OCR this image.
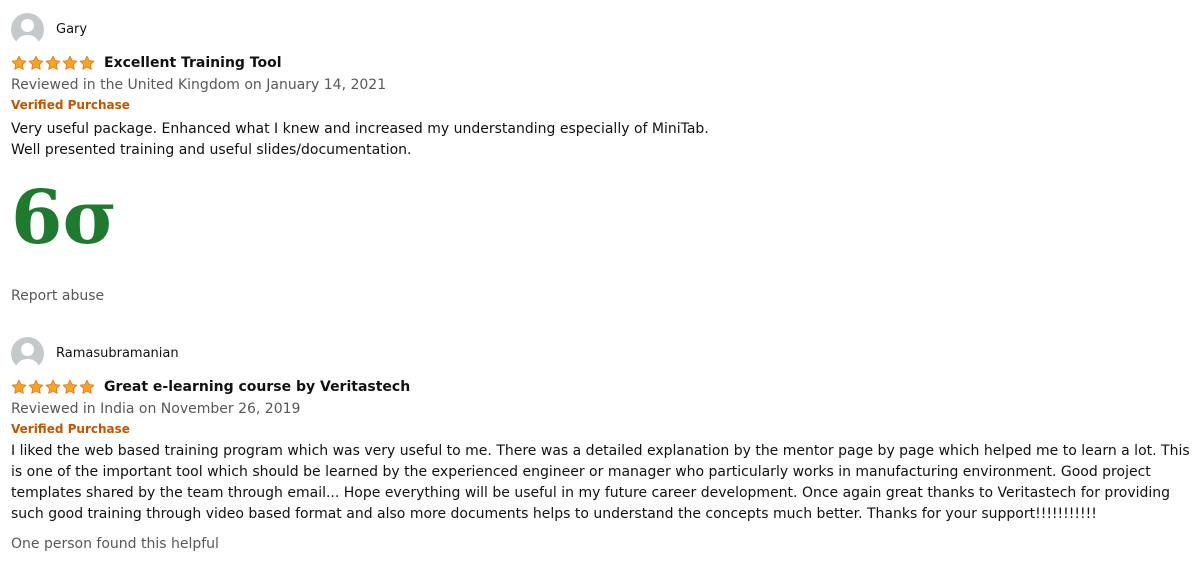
Gary
Excellent Training Tool
Reviewed in the United Kingdom on January 14, 2021
Verified Purchase
Very useful package. Enhanced what I knew and increased my understanding especially of MiniTab.
Well presented training and useful slides/documentation.
6σ
Report abuse
Ramasubramanian
Great e-learning course by Veritastech
Reviewed in India on November 26, 2019
Verified Purchase
I liked the web based training program which was very useful to me. There was a detailed explanation by the mentor page by page which helped me to learn a lot. This is one of the important tool which should be learned by the experienced engineer or manager who particularly works in manufacturing environment. Good project templates shared by the team through email... Hope everything will be useful in my future career development. Once again great thanks to Veritastech for providing such good training through video based format and also more documents helps to understand the concepts much better. Thanks for your support!!!!!!!!!!!
One person found this helpful
